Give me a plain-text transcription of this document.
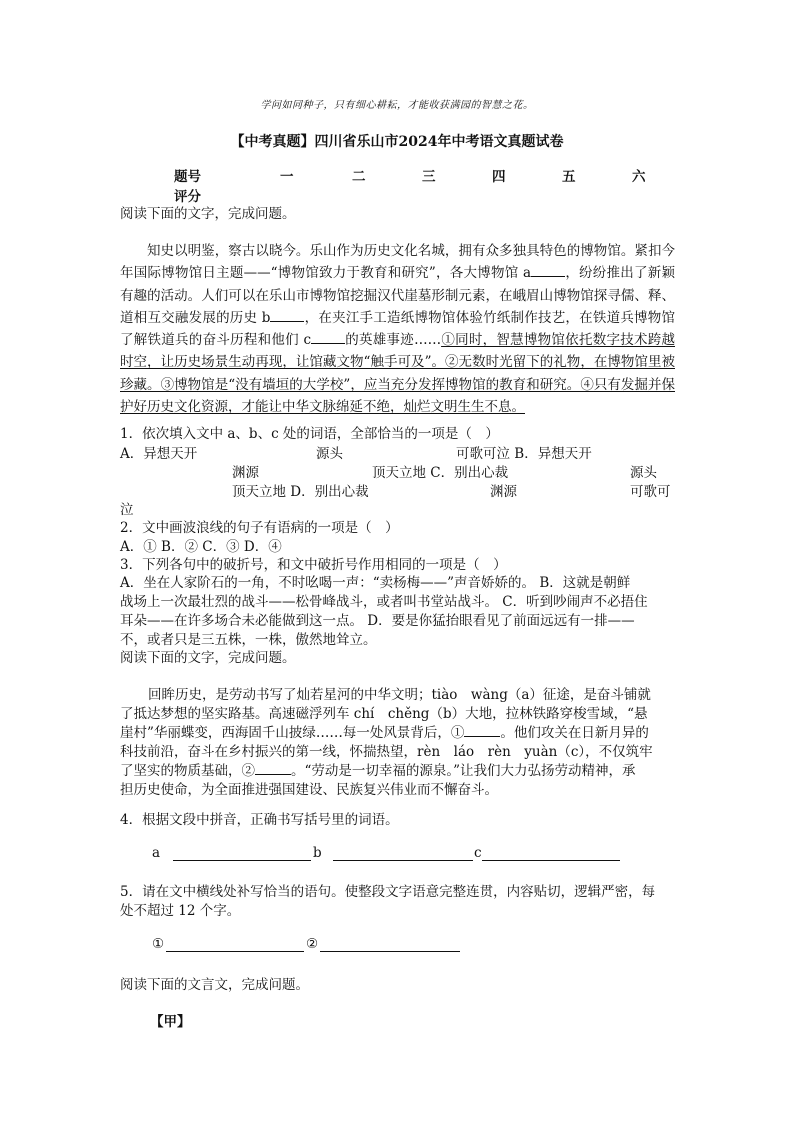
学问如同种子，只有细心耕耘，才能收获满园的智慧之花。
【中考真题】四川省乐山市2024年中考语文真题试卷
题号	一	二	三	四	五	六
评分
阅读下面的文字，完成问题。
知史以明鉴，察古以晓今。乐山作为历史文化名城，拥有众多独具特色的博物馆。紧扣今年国际博物馆日主题——“博物馆致力于教育和研究”，各大博物馆 a	，纷纷推出了新颖有趣的活动。人们可以在乐山市博物馆挖掘汉代崖墓形制元素，在峨眉山博物馆探寻儒、释、道相互交融发展的历史 b	，在夹江手工造纸博物馆体验竹纸制作技艺，在铁道兵博物馆了解铁道兵的奋斗历程和他们 c	的英雄事迹……①同时，智慧博物馆依托数字技术跨越时空，让历史场景生动再现，让馆藏文物“触手可及”。②无数时光留下的礼物，在博物馆里被珍藏。③博物馆是“没有墙垣的大学校”，应当充分发挥博物馆的教育和研究。④只有发掘并保护好历史文化资源，才能让中华文脉绵延不绝，灿烂文明生生不息。
1．依次填入文中 a、b、c 处的词语，全部恰当的一项是（　）
A．异想天开	源头	可歌可泣 B．异想天开
渊源	顶天立地 C．别出心裁	源头
顶天立地 D．别出心裁	渊源	可歌可
泣
2．文中画波浪线的句子有语病的一项是（　）
A．① B．② C．③ D．④
3．下列各句中的破折号，和文中破折号作用相同的一项是（　）
A．坐在人家阶石的一角，不时吆喝一声：“卖杨梅——”声音娇娇的。 B．这就是朝鲜
战场上一次最壮烈的战斗——松骨峰战斗，或者叫书堂站战斗。 C．听到吵闹声不必捂住
耳朵——在许多场合未必能做到这一点。 D．要是你猛抬眼看见了前面远远有一排——
不，或者只是三五株，一株，傲然地耸立。
阅读下面的文字，完成问题。
回眸历史，是劳动书写了灿若星河的中华文明；tiào　wàng（a）征途，是奋斗铺就
了抵达梦想的坚实路基。高速磁浮列车 chí　chěng（b）大地，拉林铁路穿梭雪域，“悬
崖村”华丽蝶变，西海固千山披绿……每一处风景背后，①	。他们攻关在日新月异的
科技前沿，奋斗在乡村振兴的第一线，怀揣热望，rèn　láo　rèn　yuàn（c），不仅筑牢
了坚实的物质基础，②	。“劳动是一切幸福的源泉。”让我们大力弘扬劳动精神，承
担历史使命，为全面推进强国建设、民族复兴伟业而不懈奋斗。
4．根据文段中拼音，正确书写括号里的词语。
a	b	c
5．请在文中横线处补写恰当的语句。使整段文字语意完整连贯，内容贴切，逻辑严密，每
处不超过 12 个字。
①	②
阅读下面的文言文，完成问题。
【甲】
